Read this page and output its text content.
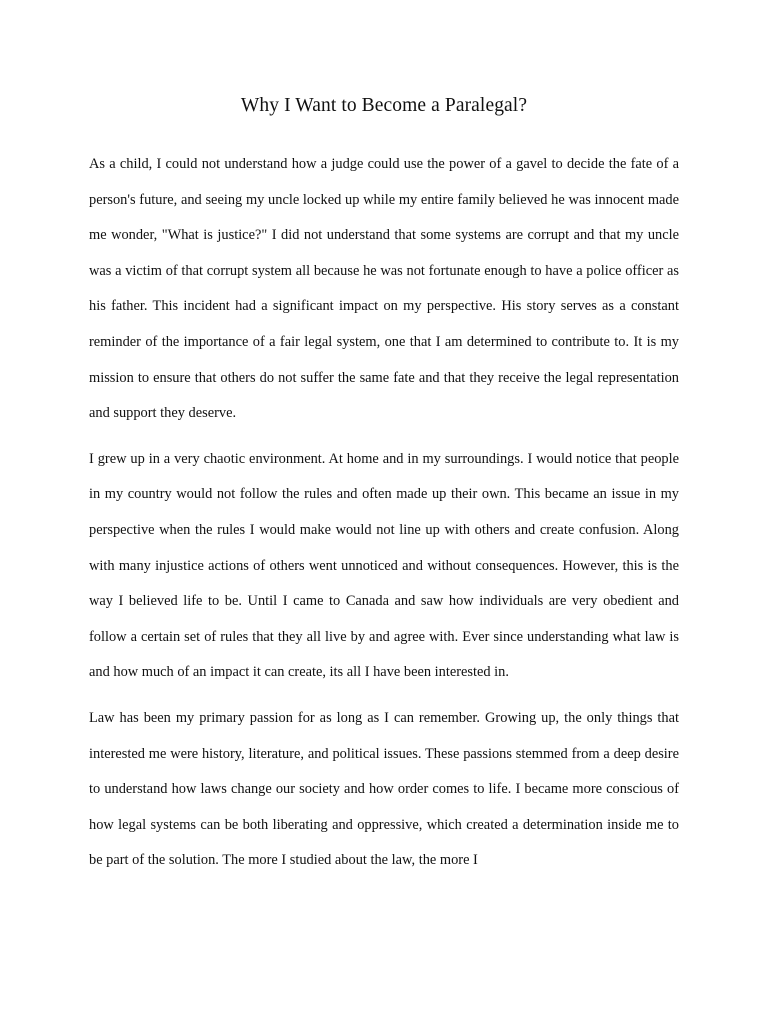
Why I Want to Become a Paralegal?

As a child, I could not understand how a judge could use the power of a gavel to decide the fate of a person's future, and seeing my uncle locked up while my entire family believed he was innocent made me wonder, "What is justice?" I did not understand that some systems are corrupt and that my uncle was a victim of that corrupt system all because he was not fortunate enough to have a police officer as his father. This incident had a significant impact on my perspective. His story serves as a constant reminder of the importance of a fair legal system, one that I am determined to contribute to. It is my mission to ensure that others do not suffer the same fate and that they receive the legal representation and support they deserve.

I grew up in a very chaotic environment. At home and in my surroundings. I would notice that people in my country would not follow the rules and often made up their own. This became an issue in my perspective when the rules I would make would not line up with others and create confusion. Along with many injustice actions of others went unnoticed and without consequences. However, this is the way I believed life to be. Until I came to Canada and saw how individuals are very obedient and follow a certain set of rules that they all live by and agree with. Ever since understanding what law is and how much of an impact it can create, its all I have been interested in.

Law has been my primary passion for as long as I can remember. Growing up, the only things that interested me were history, literature, and political issues. These passions stemmed from a deep desire to understand how laws change our society and how order comes to life. I became more conscious of how legal systems can be both liberating and oppressive, which created a determination inside me to be part of the solution. The more I studied about the law, the more I
